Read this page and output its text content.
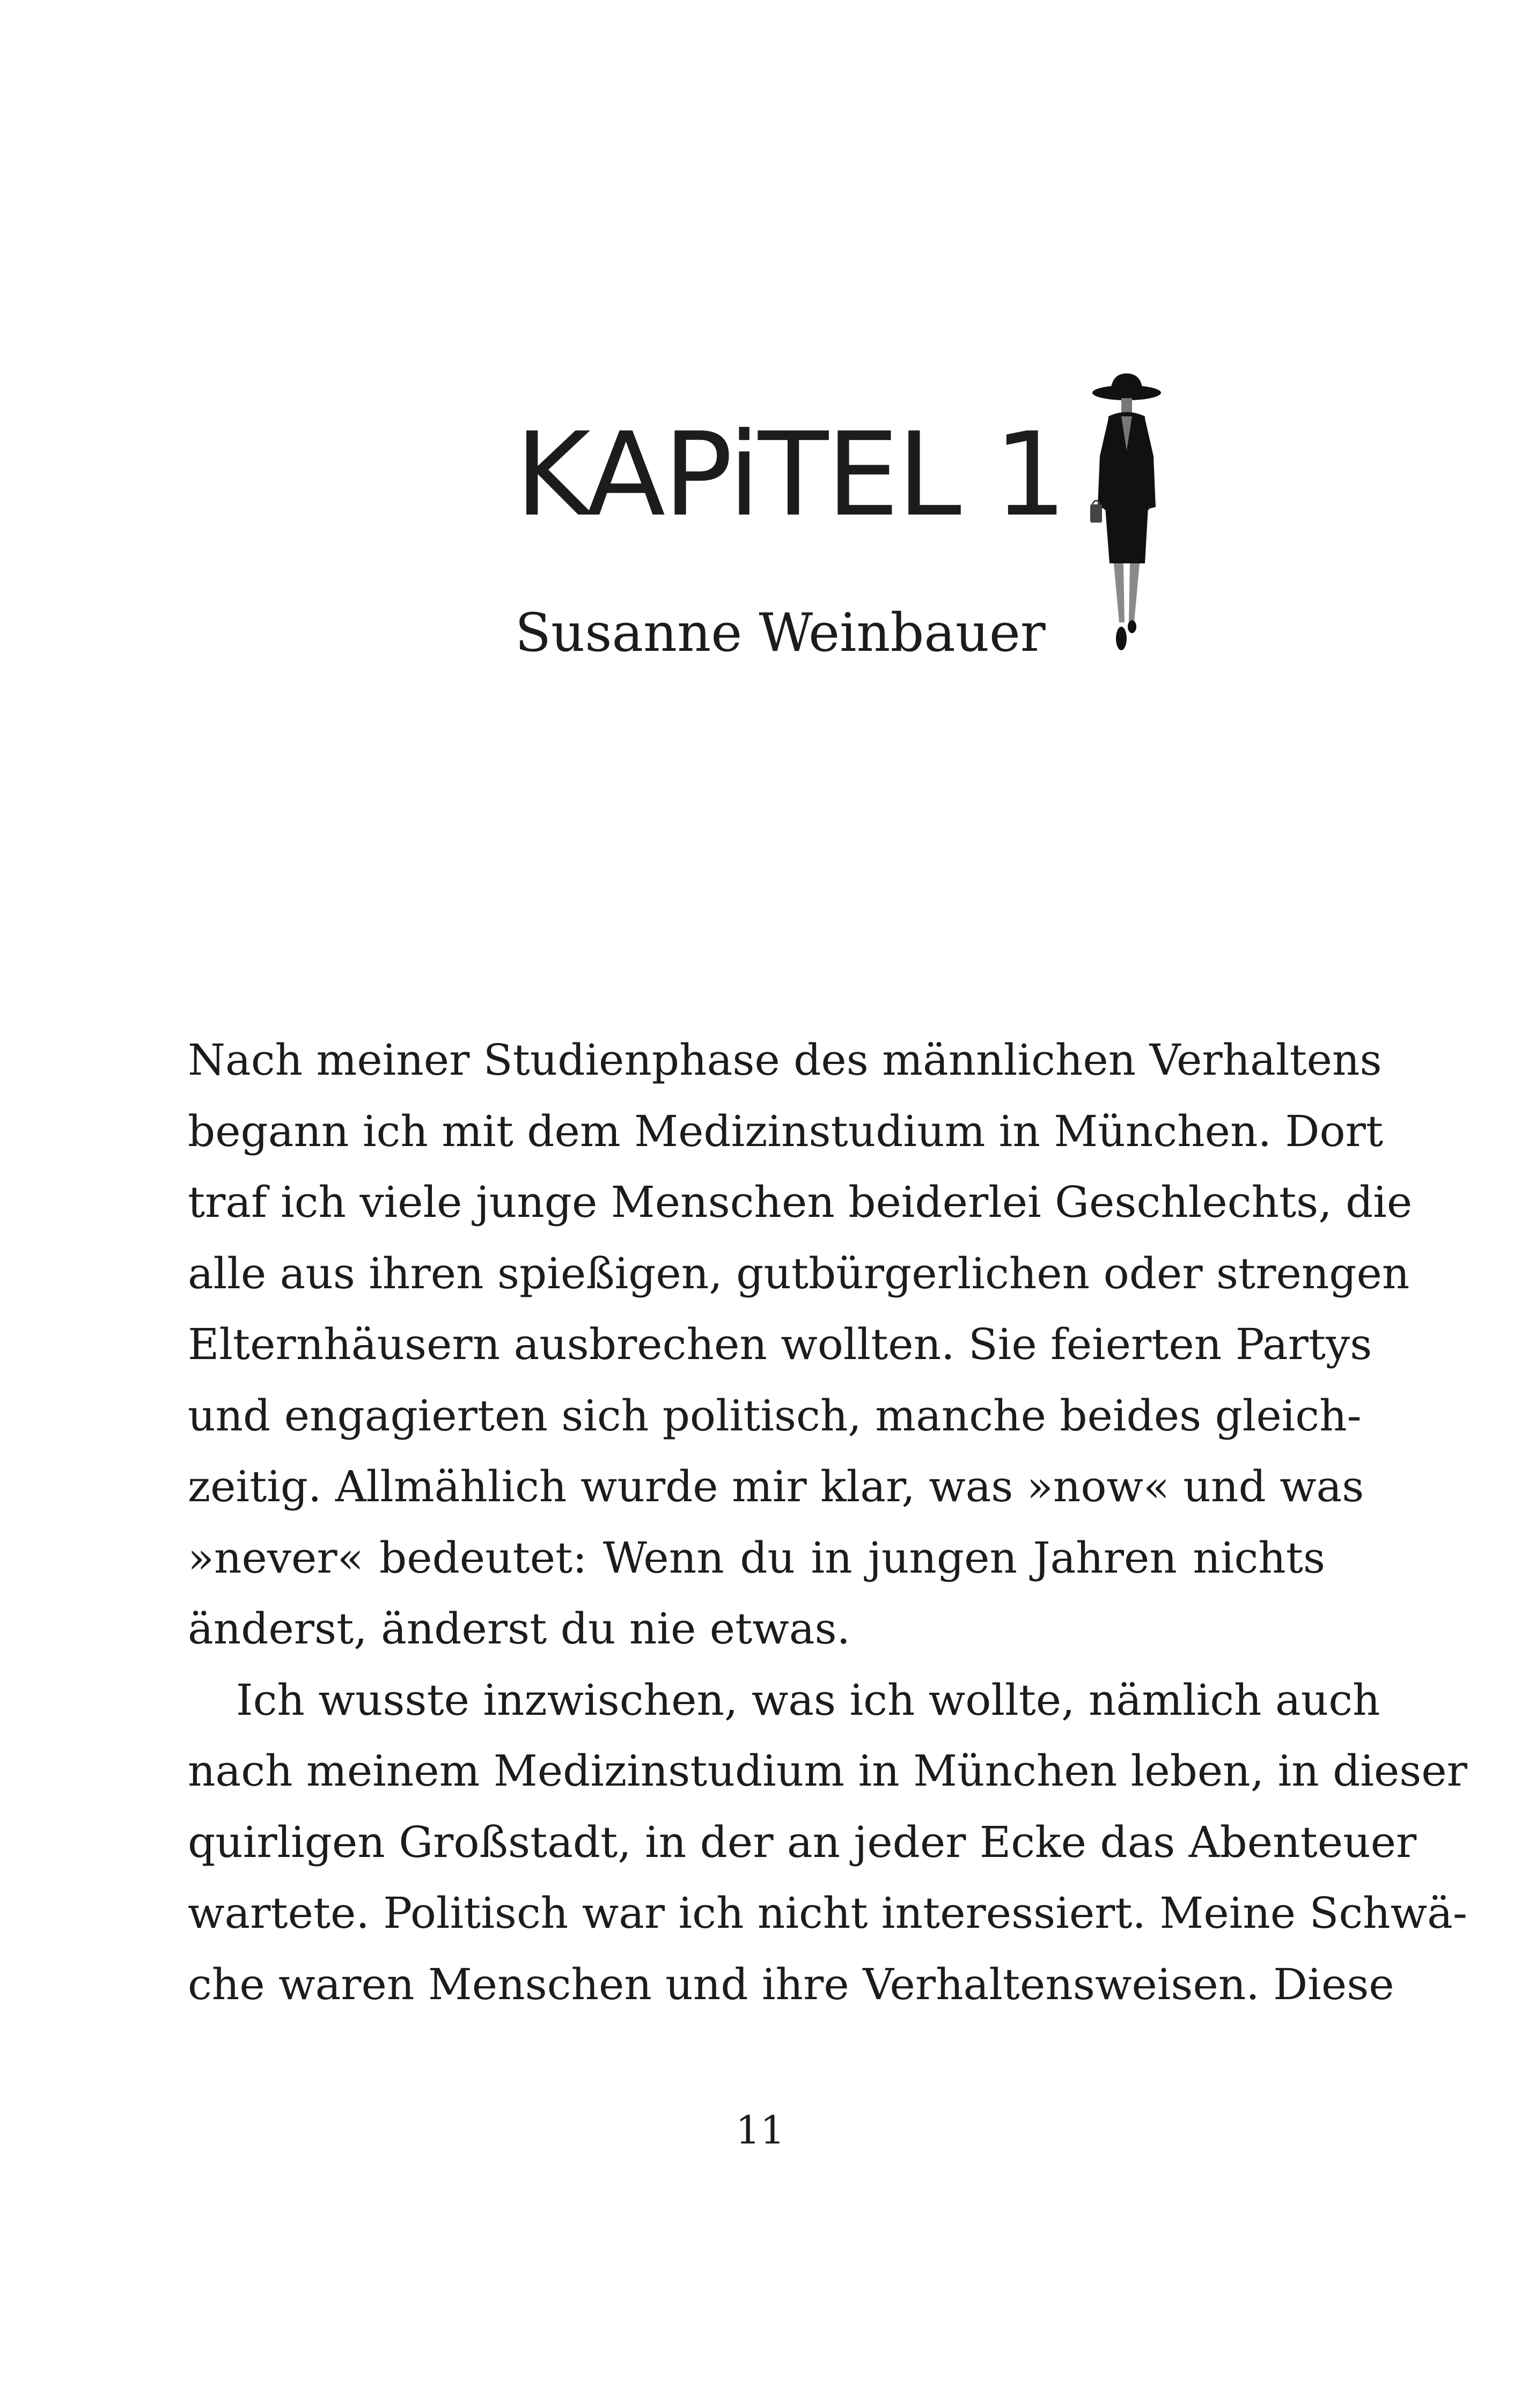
KAPiTEL 1
Susanne Weinbauer
Nach meiner Studienphase des männlichen Verhaltens
begann ich mit dem Medizinstudium in München. Dort
traf ich viele junge Menschen beiderlei Geschlechts, die
alle aus ihren spießigen, gutbürgerlichen oder strengen
Elternhäusern ausbrechen wollten. Sie feierten Partys
und engagierten sich politisch, manche beides gleich-
zeitig. Allmählich wurde mir klar, was »now« und was
»never« bedeutet: Wenn du in jungen Jahren nichts
änderst, änderst du nie etwas.
Ich wusste inzwischen, was ich wollte, nämlich auch
nach meinem Medizinstudium in München leben, in dieser
quirligen Großstadt, in der an jeder Ecke das Abenteuer
wartete. Politisch war ich nicht interessiert. Meine Schwä-
che waren Menschen und ihre Verhaltensweisen. Diese
11
